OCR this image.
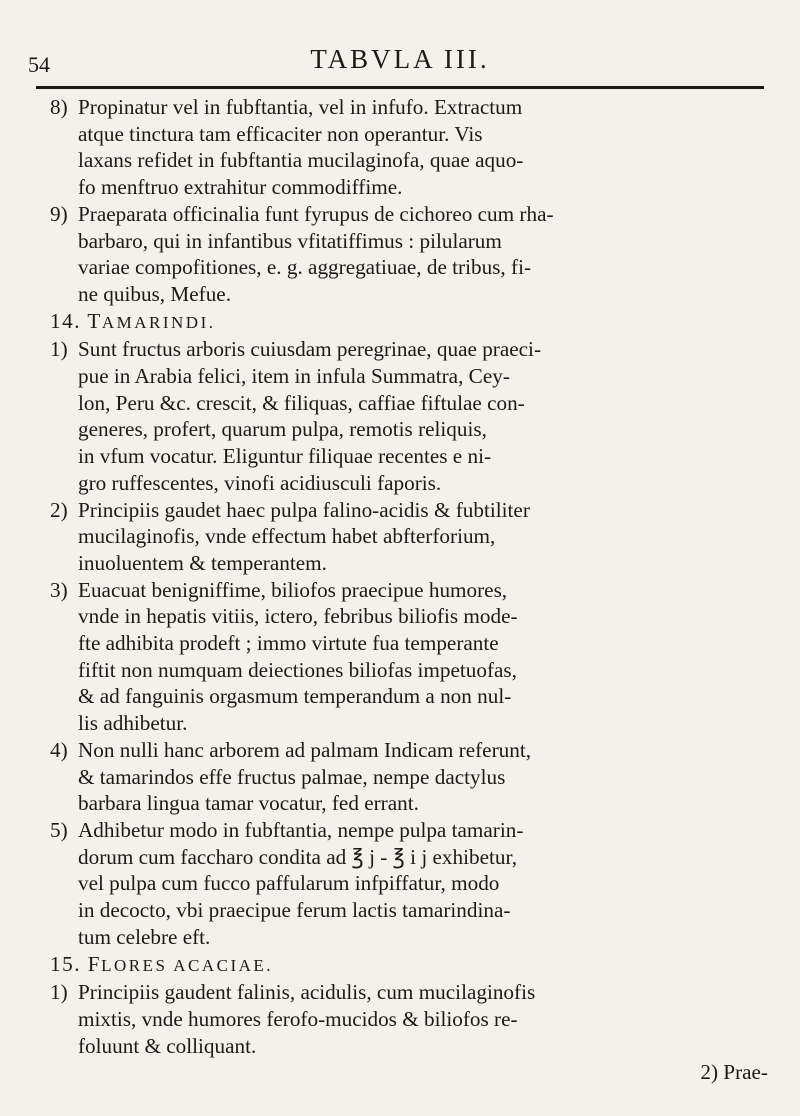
54	TABVLA III.
8) Propinatur vel in fubftantia, vel in infufo. Extractum
atque tinctura tam efficaciter non operantur. Vis
laxans refidet in fubftantia mucilaginofa, quae aquo-
fo menftruo extrahitur commodiffime.
9) Praeparata officinalia funt fyrupus de cichoreo cum rha-
barbaro, qui in infantibus vfitatiffimus : pilularum
variae compofitiones, e. g. aggregatiuae, de tribus, fi-
ne quibus, Mefue.
14. TAMARINDI.
1) Sunt fructus arboris cuiusdam peregrinae, quae praeci-
pue in Arabia felici, item in infula Summatra, Cey-
lon, Peru &c. crescit, & filiquas, caffiae fiftulae con-
generes, profert, quarum pulpa, remotis reliquis,
in vfum vocatur. Eliguntur filiquae recentes e ni-
gro ruffescentes, vinofi acidiusculi faporis.
2) Principiis gaudet haec pulpa falino-acidis & fubtiliter
mucilaginofis, vnde effectum habet abfterforium,
inuoluentem & temperantem.
3) Euacuat benigniffime, biliofos praecipue humores,
vnde in hepatis vitiis, ictero, febribus biliofis mode-
fte adhibita prodeft ; immo virtute fua temperante
fiftit non numquam deiectiones biliofas impetuofas,
& ad fanguinis orgasmum temperandum a non nul-
lis adhibetur.
4) Non nulli hanc arborem ad palmam Indicam referunt,
& tamarindos effe fructus palmae, nempe dactylus
barbara lingua tamar vocatur, fed errant.
5) Adhibetur modo in fubftantia, nempe pulpa tamarin-
dorum cum faccharo condita ad ℥ j - ℥ i j exhibetur,
vel pulpa cum fucco paffularum infpiffatur, modo
in decocto, vbi praecipue ferum lactis tamarindina-
tum celebre eft.
15. FLORES ACACIAE.
1) Principiis gaudent falinis, acidulis, cum mucilaginofis
mixtis, vnde humores ferofo-mucidos & biliofos re-
foluunt & colliquant.
2) Prae-
